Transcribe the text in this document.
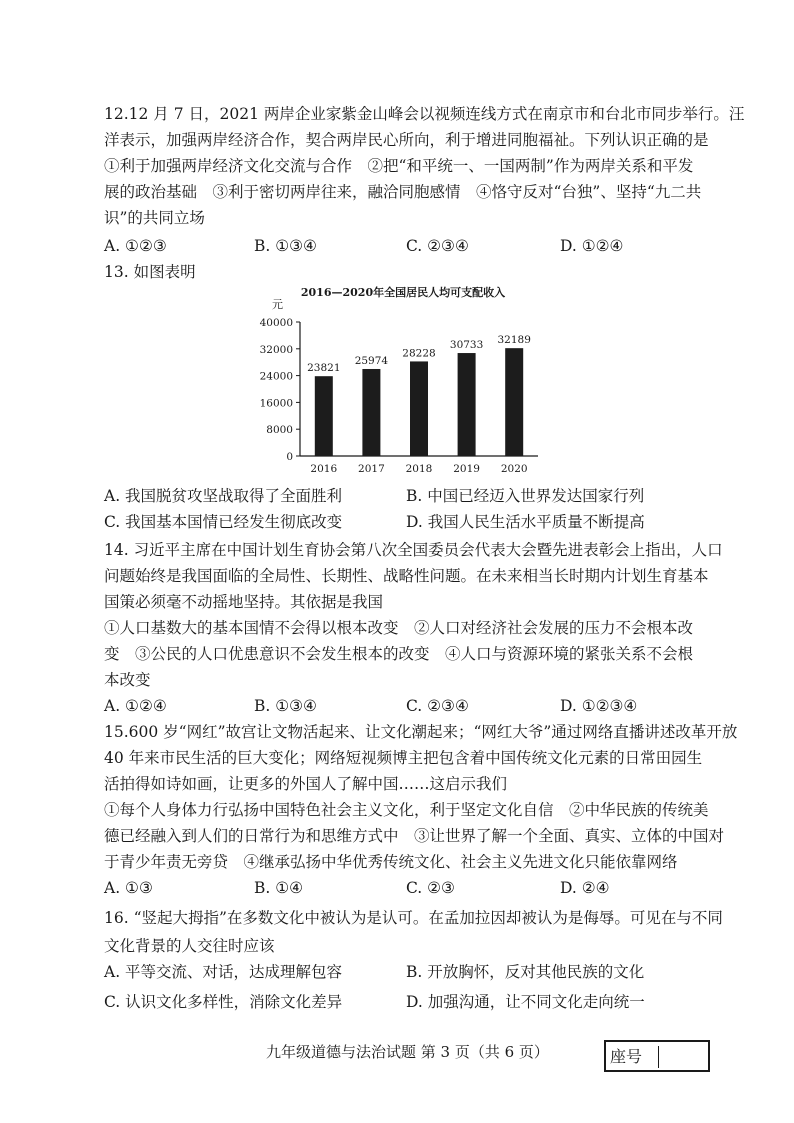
12.12 月 7 日，2021 两岸企业家紫金山峰会以视频连线方式在南京市和台北市同步举行。汪
洋表示，加强两岸经济合作，契合两岸民心所向，利于增进同胞福祉。下列认识正确的是
①利于加强两岸经济文化交流与合作　②把“和平统一、一国两制”作为两岸关系和平发
展的政治基础　③利于密切两岸往来，融洽同胞感情　④恪守反对“台独”、坚持“九二共
识”的共同立场
A. ①②③	B. ①③④	C. ②③④	D. ①②④
13. 如图表明
2016—2020年全国居民人均可支配收入
元
0
8000
16000
24000
32000
40000
23821
2016
25974
2017
28228
2018
30733
2019
32189
2020
A. 我国脱贫攻坚战取得了全面胜利	B. 中国已经迈入世界发达国家行列
C. 我国基本国情已经发生彻底改变	D. 我国人民生活水平质量不断提高
14. 习近平主席在中国计划生育协会第八次全国委员会代表大会暨先进表彰会上指出，人口
问题始终是我国面临的全局性、长期性、战略性问题。在未来相当长时期内计划生育基本
国策必须毫不动摇地坚持。其依据是我国
①人口基数大的基本国情不会得以根本改变　②人口对经济社会发展的压力不会根本改
变　③公民的人口优患意识不会发生根本的改变　④人口与资源环境的紧张关系不会根
本改变
A. ①②④	B. ①③④	C. ②③④	D. ①②③④
15.600 岁“网红”故宫让文物活起来、让文化潮起来；“网红大爷”通过网络直播讲述改革开放
40 年来市民生活的巨大变化；网络短视频博主把包含着中国传统文化元素的日常田园生
活拍得如诗如画，让更多的外国人了解中国……这启示我们
①每个人身体力行弘扬中国特色社会主义文化，利于坚定文化自信　②中华民族的传统美
德已经融入到人们的日常行为和思维方式中　③让世界了解一个全面、真实、立体的中国对
于青少年责无旁贷　④继承弘扬中华优秀传统文化、社会主义先进文化只能依靠网络
A. ①③	B. ①④	C. ②③	D. ②④
16. “竖起大拇指”在多数文化中被认为是认可。在孟加拉因却被认为是侮辱。可见在与不同
文化背景的人交往时应该
A. 平等交流、对话，达成理解包容	B. 开放胸怀，反对其他民族的文化
C. 认识文化多样性，消除文化差异	D. 加强沟通，让不同文化走向统一
九年级道德与法治试题 第 3 页（共 6 页）	座号
